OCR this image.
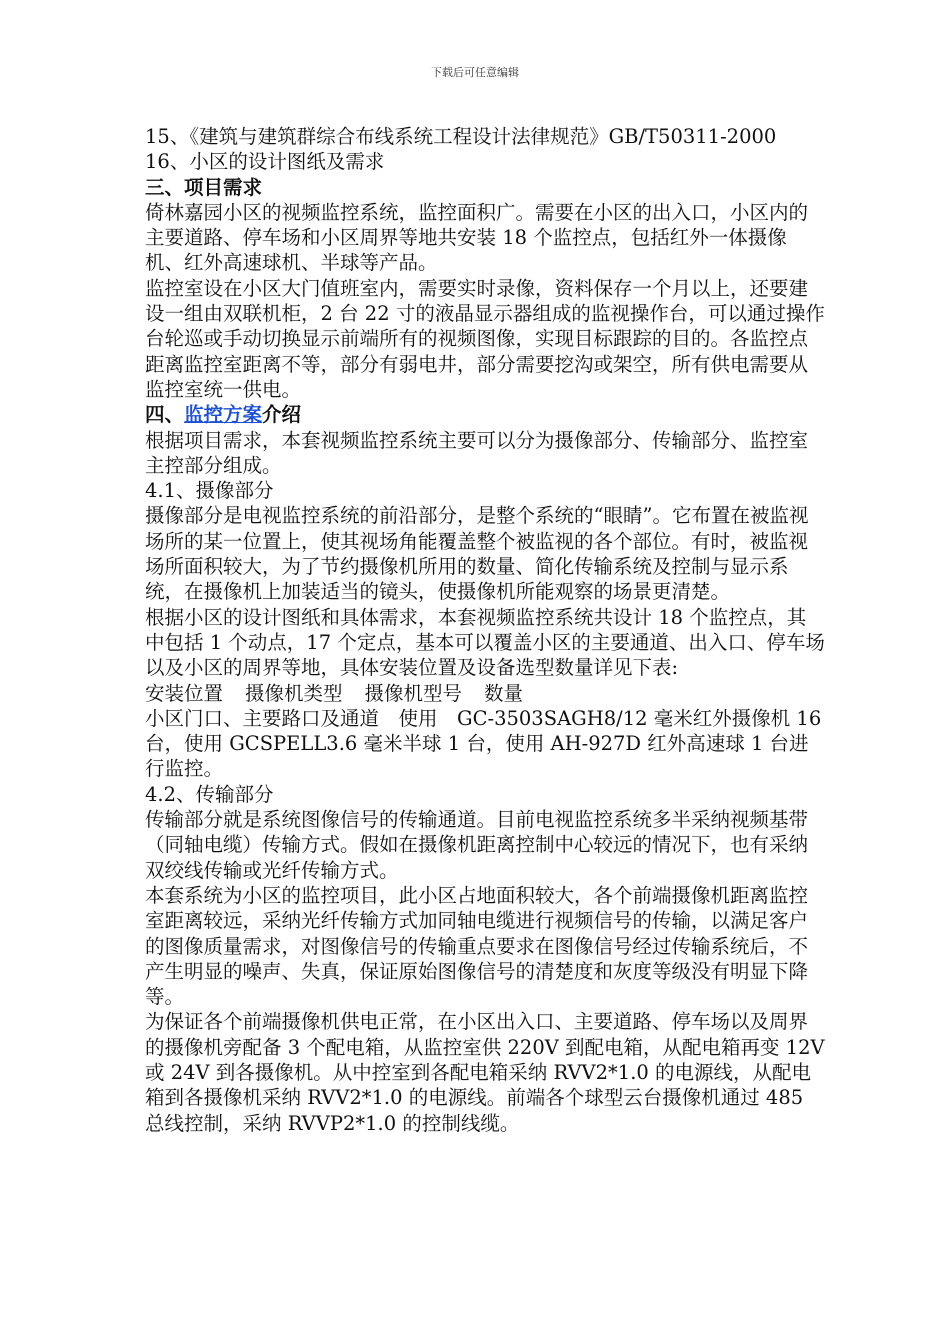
下载后可任意编辑

15、《建筑与建筑群综合布线系统工程设计法律规范》GB/T50311-2000

16、小区的设计图纸及需求

三、项目需求

倚林嘉园小区的视频监控系统，监控面积广。需要在小区的出入口，小区内的主要道路、停车场和小区周界等地共安装 18 个监控点，包括红外一体摄像机、红外高速球机、半球等产品。

监控室设在小区大门值班室内，需要实时录像，资料保存一个月以上，还要建设一组由双联机柜，2 台 22 寸的液晶显示器组成的监视操作台，可以通过操作台轮巡或手动切换显示前端所有的视频图像，实现目标跟踪的目的。各监控点距离监控室距离不等，部分有弱电井，部分需要挖沟或架空，所有供电需要从监控室统一供电。

四、监控方案介绍

根据项目需求，本套视频监控系统主要可以分为摄像部分、传输部分、监控室主控部分组成。

4.1、摄像部分

摄像部分是电视监控系统的前沿部分，是整个系统的“眼睛”。它布置在被监视场所的某一位置上，使其视场角能覆盖整个被监视的各个部位。有时，被监视场所面积较大，为了节约摄像机所用的数量、简化传输系统及控制与显示系统，在摄像机上加装适当的镜头，使摄像机所能观察的场景更清楚。

根据小区的设计图纸和具体需求，本套视频监控系统共设计 18 个监控点，其中包括 1 个动点，17 个定点，基本可以覆盖小区的主要通道、出入口、停车场以及小区的周界等地，具体安装位置及设备选型数量详见下表:

安装位置 摄像机类型 摄像机型号 数量

小区门口、主要路口及通道　使用　GC-3503SAGH8/12 毫米红外摄像机 16 台，使用 GCSPELL3.6 毫米半球 1 台，使用 AH-927D 红外高速球 1 台进行监控。

4.2、传输部分

传输部分就是系统图像信号的传输通道。目前电视监控系统多半采纳视频基带（同轴电缆）传输方式。假如在摄像机距离控制中心较远的情况下，也有采纳双绞线传输或光纤传输方式。

本套系统为小区的监控项目，此小区占地面积较大，各个前端摄像机距离监控室距离较远，采纳光纤传输方式加同轴电缆进行视频信号的传输，以满足客户的图像质量需求，对图像信号的传输重点要求在图像信号经过传输系统后，不产生明显的噪声、失真，保证原始图像信号的清楚度和灰度等级没有明显下降等。

为保证各个前端摄像机供电正常，在小区出入口、主要道路、停车场以及周界的摄像机旁配备 3 个配电箱，从监控室供 220V 到配电箱，从配电箱再变 12V 或 24V 到各摄像机。从中控室到各配电箱采纳 RVV2*1.0 的电源线，从配电箱到各摄像机采纳 RVV2*1.0 的电源线。前端各个球型云台摄像机通过 485 总线控制，采纳 RVVP2*1.0 的控制线缆。
